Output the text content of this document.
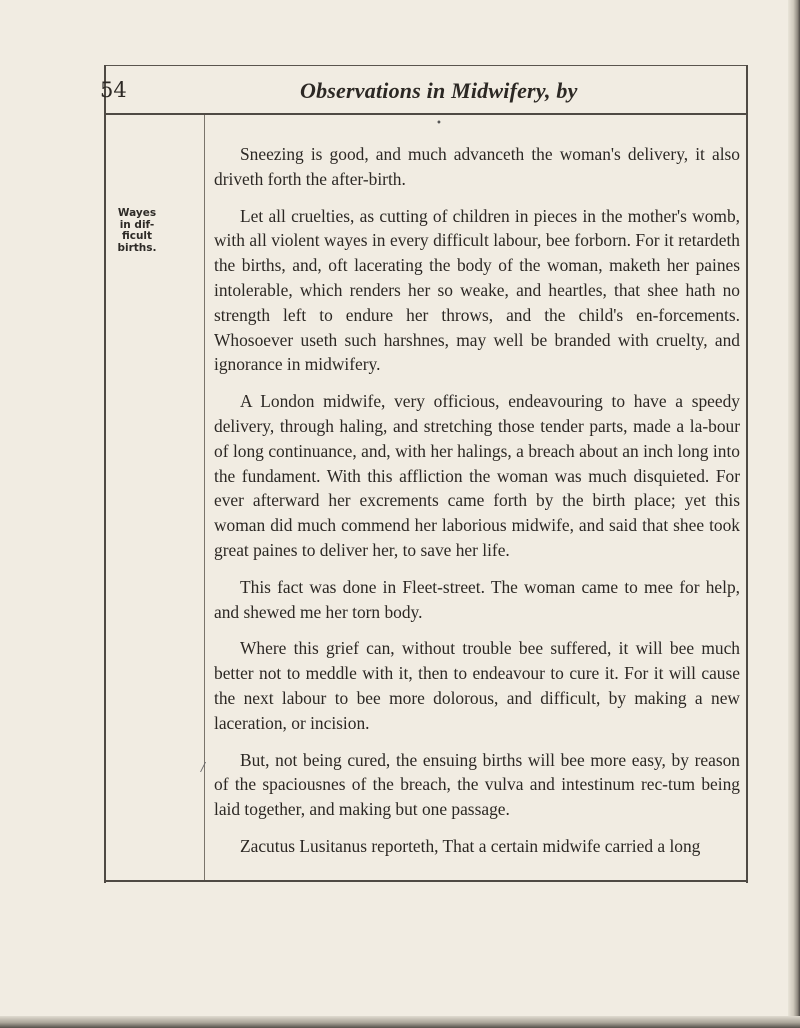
54	Observations in Midwifery, by

•
Wayes
in dif-
ficult
births.
/

Sneezing is good, and much advanceth the woman's delivery, it also driveth forth the after-birth.

Let all cruelties, as cutting of children in pieces in the mother's womb, with all violent wayes in every difficult labour, bee forborn. For it retardeth the births, and, oft lacerating the body of the woman, maketh her paines intolerable, which renders her so weake, and heartles, that shee hath no strength left to endure her throws, and the child's en-forcements. Whosoever useth such harshnes, may well be branded with cruelty, and ignorance in midwifery.

A London midwife, very officious, endeavouring to have a speedy delivery, through haling, and stretching those tender parts, made a la-bour of long continuance, and, with her halings, a breach about an inch long into the fundament. With this affliction the woman was much disquieted. For ever afterward her excrements came forth by the birth place; yet this woman did much commend her laborious midwife, and said that shee took great paines to deliver her, to save her life.

This fact was done in Fleet-street. The woman came to mee for help, and shewed me her torn body.

Where this grief can, without trouble bee suffered, it will bee much better not to meddle with it, then to endeavour to cure it. For it will cause the next labour to bee more dolorous, and difficult, by making a new laceration, or incision.

But, not being cured, the ensuing births will bee more easy, by reason of the spaciousnes of the breach, the vulva and intestinum rec-tum being laid together, and making but one passage.

Zacutus Lusitanus reporteth, That a certain midwife carried a long
